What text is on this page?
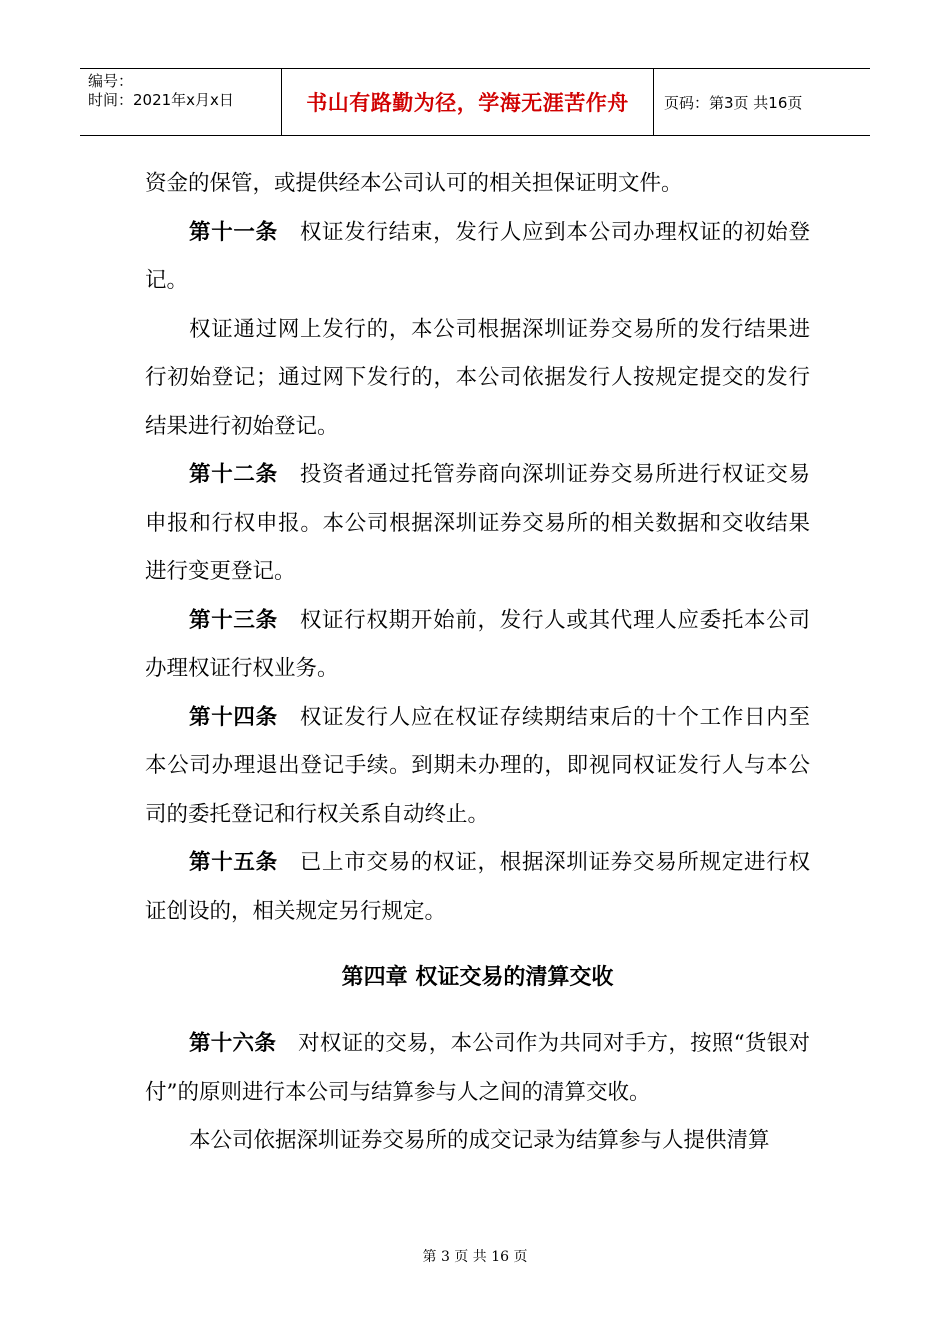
编号：
时间：2021年x月x日	书山有路勤为径，学海无涯苦作舟	页码：第3页 共16页

资金的保管，或提供经本公司认可的相关担保证明文件。

第十一条 权证发行结束，发行人应到本公司办理权证的初始登记。

权证通过网上发行的，本公司根据深圳证券交易所的发行结果进行初始登记；通过网下发行的，本公司依据发行人按规定提交的发行结果进行初始登记。

第十二条 投资者通过托管券商向深圳证券交易所进行权证交易申报和行权申报。本公司根据深圳证券交易所的相关数据和交收结果进行变更登记。

第十三条 权证行权期开始前，发行人或其代理人应委托本公司办理权证行权业务。

第十四条 权证发行人应在权证存续期结束后的十个工作日内至本公司办理退出登记手续。到期未办理的，即视同权证发行人与本公司的委托登记和行权关系自动终止。

第十五条 已上市交易的权证，根据深圳证券交易所规定进行权证创设的，相关规定另行规定。

第四章 权证交易的清算交收

第十六条 对权证的交易，本公司作为共同对手方，按照“货银对付”的原则进行本公司与结算参与人之间的清算交收。

本公司依据深圳证券交易所的成交记录为结算参与人提供清算

第 3 页 共 16 页
